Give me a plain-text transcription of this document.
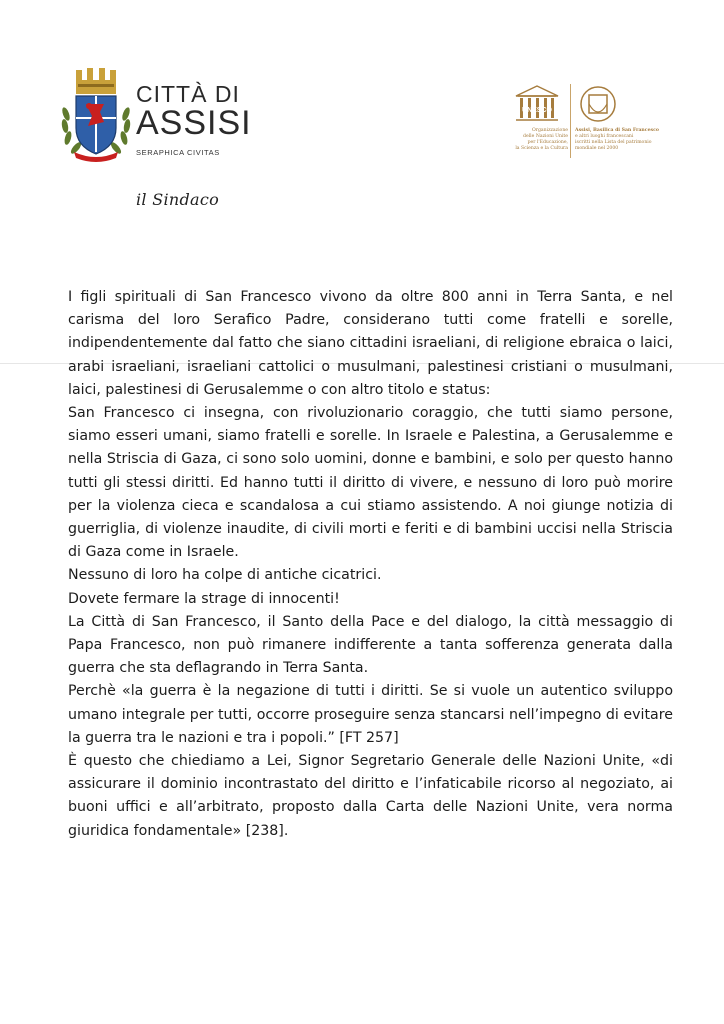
CITTÀ DI
ASSISI
SERAPHICA CIVITAS
il Sindaco
UNESCO
Organizzazione
delle Nazioni Unite
per l'Educazione,
la Scienza e la Cultura
Assisi, Basilica di San Francesco
e altri luoghi francescani
iscritti nella Lista del patrimonio
mondiale nel 2000

I figli spirituali di San Francesco vivono da oltre 800 anni in Terra Santa, e nel carisma del loro Serafico Padre, considerano tutti come fratelli e sorelle, indipendentemente dal fatto che siano cittadini israeliani, di religione ebraica o laici, arabi israeliani, israeliani cattolici o musulmani, palestinesi cristiani o musulmani, laici, palestinesi di Gerusalemme o con altro titolo e status:

San Francesco ci insegna, con rivoluzionario coraggio, che tutti siamo persone, siamo esseri umani, siamo fratelli e sorelle. In Israele e Palestina, a Gerusalemme e nella Striscia di Gaza, ci sono solo uomini, donne e bambini, e solo per questo hanno tutti gli stessi diritti. Ed hanno tutti il diritto di vivere, e nessuno di loro può morire per la violenza cieca e scandalosa a cui stiamo assistendo. A noi giunge notizia di guerriglia, di violenze inaudite, di civili morti e feriti e di bambini uccisi nella Striscia di Gaza come in Israele.

Nessuno di loro ha colpe di antiche cicatrici.

Dovete fermare la strage di innocenti!

La Città di San Francesco, il Santo della Pace e del dialogo, la città messaggio di Papa Francesco, non può rimanere indifferente a tanta sofferenza generata dalla guerra che sta deflagrando in Terra Santa.

Perchè «la guerra è la negazione di tutti i diritti. Se si vuole un autentico sviluppo umano integrale per tutti, occorre proseguire senza stancarsi nell’impegno di evitare la guerra tra le nazioni e tra i popoli.” [FT 257]

È questo che chiediamo a Lei, Signor Segretario Generale delle Nazioni Unite, «di assicurare il dominio incontrastato del diritto e l’infaticabile ricorso al negoziato, ai buoni uffici e all’arbitrato, proposto dalla Carta delle Nazioni Unite, vera norma giuridica fondamentale» [238].
